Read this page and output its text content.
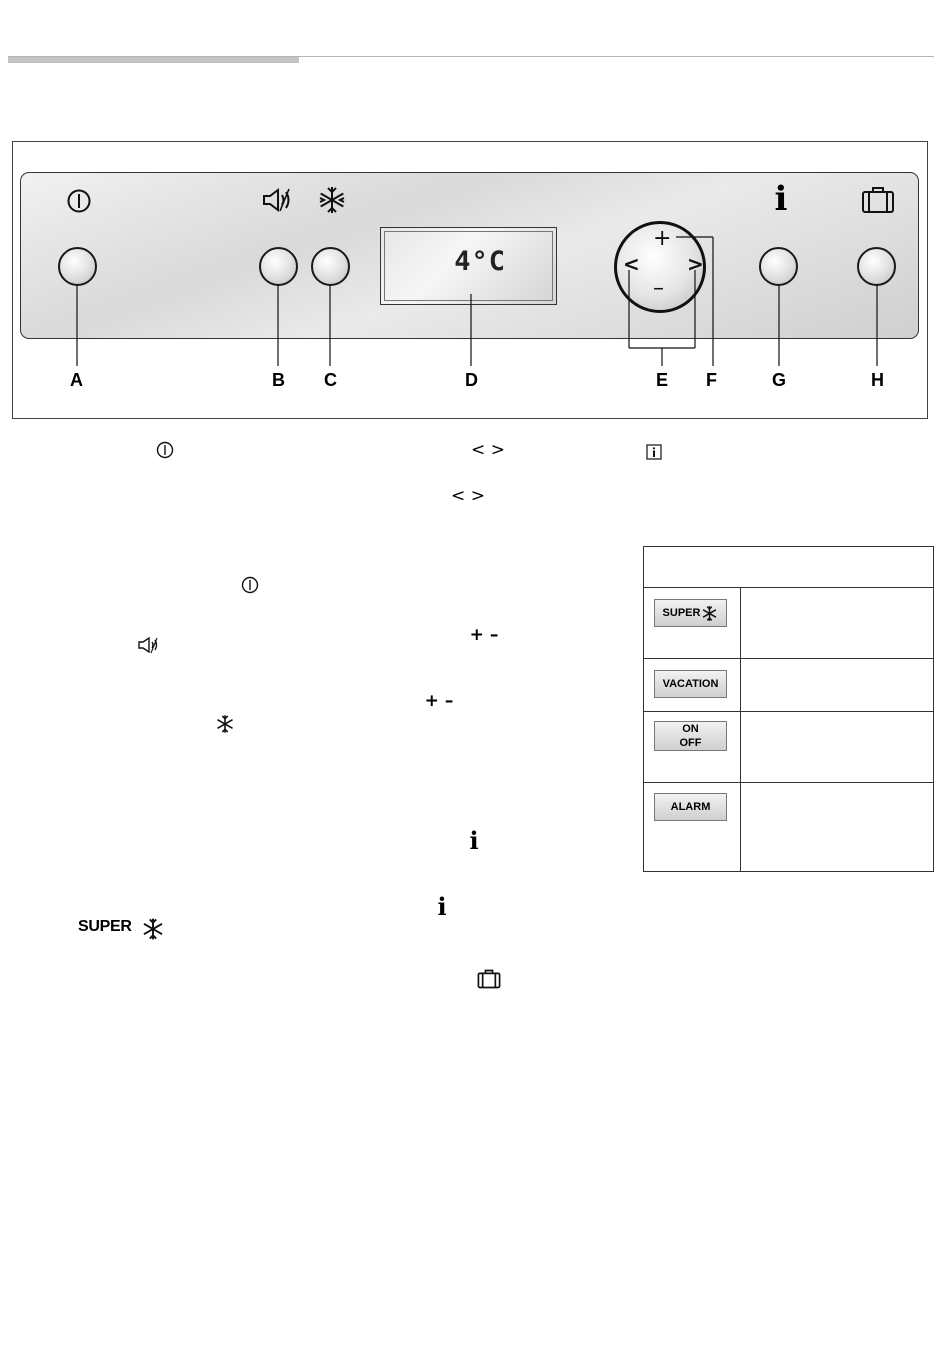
4°C
+
–
< >
i
A	B C	D	E F	G	H
< >
< >
+ –
+ –
i
i
SUPER
SUPER
VACATION
ON
OFF
ALARM
